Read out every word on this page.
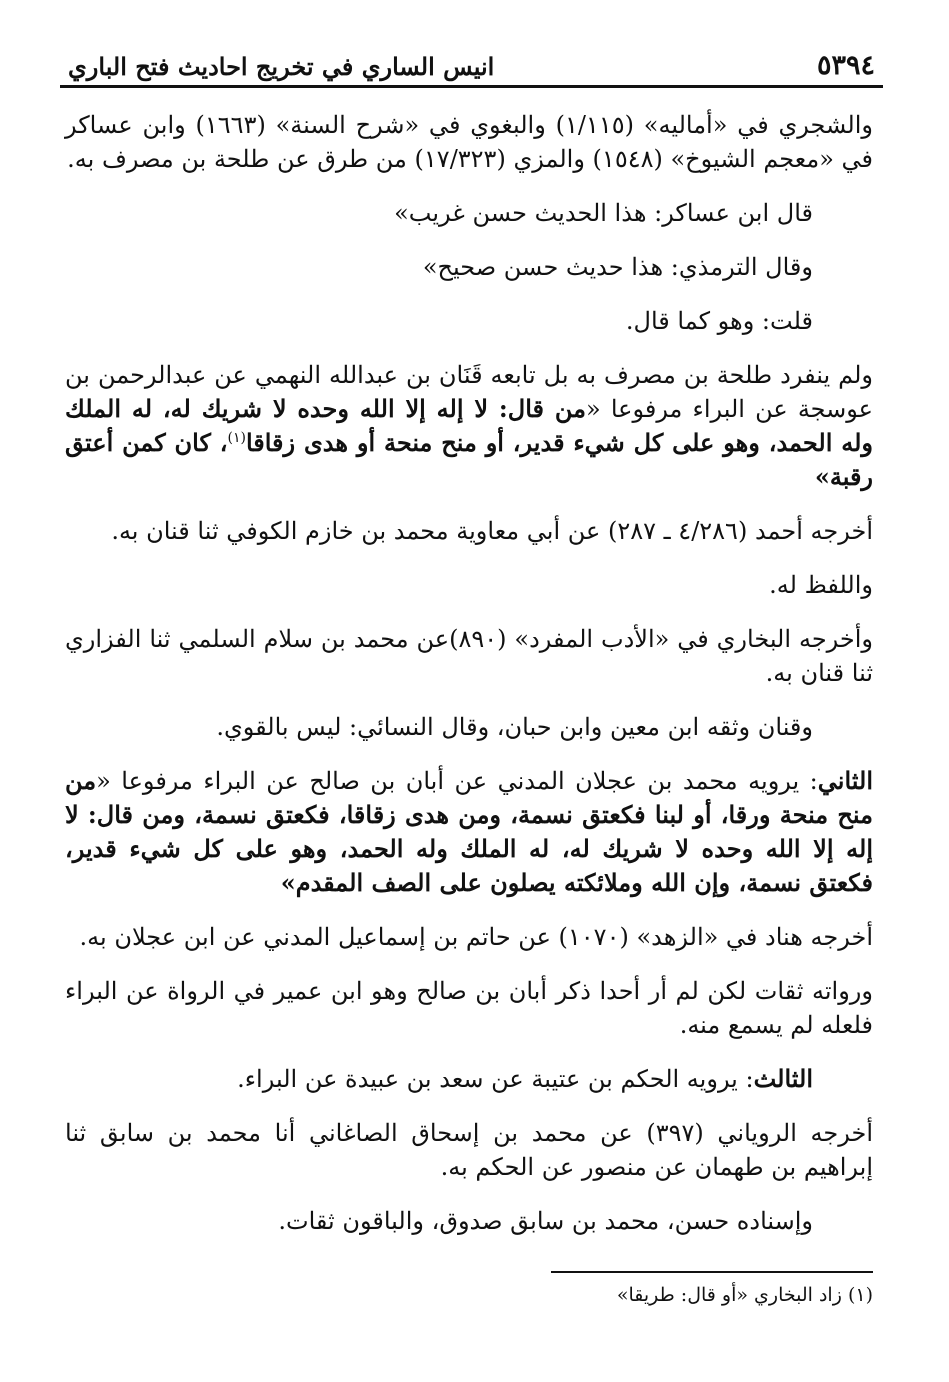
٥٣٩٤
انيس الساري في تخريج احاديث فتح الباري

والشجري في «أماليه» (١/١١٥) والبغوي في «شرح السنة» (١٦٦٣) وابن عساكر في «معجم الشيوخ» (١٥٤٨) والمزي (١٧/٣٢٣) من طرق عن طلحة بن مصرف به.

قال ابن عساكر: هذا الحديث حسن غريب»

وقال الترمذي: هذا حديث حسن صحيح»

قلت: وهو كما قال.

ولم ينفرد طلحة بن مصرف به بل تابعه قَنَان بن عبدالله النهمي عن عبدالرحمن بن عوسجة عن البراء مرفوعا «من قال: لا إله إلا الله وحده لا شريك له، له الملك وله الحمد، وهو على كل شيء قدير، أو منح منحة أو هدى زقاقا$^{(١)}$، كان كمن أعتق رقبة»

أخرجه أحمد (٤/٢٨٦ ـ ٢٨٧) عن أبي معاوية محمد بن خازم الكوفي ثنا قنان به.

واللفظ له.

وأخرجه البخاري في «الأدب المفرد» (٨٩٠)عن محمد بن سلام السلمي ثنا الفزاري ثنا قنان به.

وقنان وثقه ابن معين وابن حبان، وقال النسائي: ليس بالقوي.

الثاني: يرويه محمد بن عجلان المدني عن أبان بن صالح عن البراء مرفوعا «من منح منحة ورقا، أو لبنا فكعتق نسمة، ومن هدى زقاقا، فكعتق نسمة، ومن قال: لا إله إلا الله وحده لا شريك له، له الملك وله الحمد، وهو على كل شيء قدير، فكعتق نسمة، وإن الله وملائكته يصلون على الصف المقدم»

أخرجه هناد في «الزهد» (١٠٧٠) عن حاتم بن إسماعيل المدني عن ابن عجلان به.

ورواته ثقات لكن لم أر أحدا ذكر أبان بن صالح وهو ابن عمير في الرواة عن البراء فلعله لم يسمع منه.

الثالث: يرويه الحكم بن عتيبة عن سعد بن عبيدة عن البراء.

أخرجه الروياني (٣٩٧) عن محمد بن إسحاق الصاغاني أنا محمد بن سابق ثنا إبراهيم بن طهمان عن منصور عن الحكم به.

وإسناده حسن، محمد بن سابق صدوق، والباقون ثقات.

(١) زاد البخاري «أو قال: طريقا»
